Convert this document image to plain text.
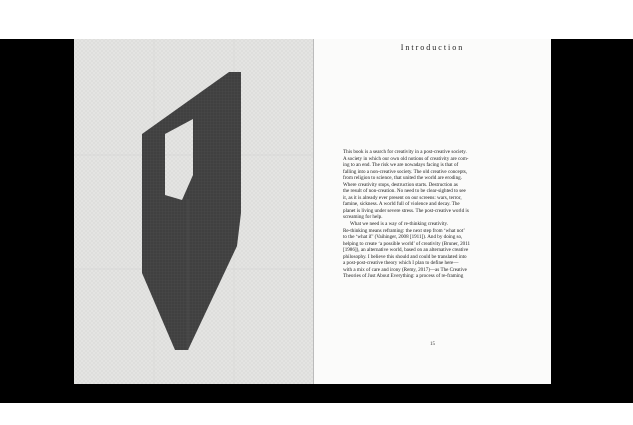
Introduction

This book is a search for creativity in a post-creative society.

A society in which our own old notions of creativity are com-

ing to an end. The risk we are nowadays facing is that of

falling into a non-creative society. The old creative concepts,

from religion to science, that united the world are eroding.

Where creativity stops, destruction starts. Destruction as

the result of non-creation. No need to be clear-sighted to see

it, as it is already ever present on our screens: wars, terror,

famine, sickness. A world full of violence and decay. The

planet is living under severe stress. The post-creative world is

screaming for help.

What we need is a way of re-thinking creativity.

Re-thinking means reframing: the next step from ‘what not’

to the ‘what if’ (Vaihinger, 2008 [1911]). And by doing so,

helping to create ‘a possible world’ of creativity (Bruner, 2011

[1986]), an alternative world, based on an alternative creative

philosophy. I believe this should and could be translated into

a post-post-creative theory which I plan to define here—

with a mix of care and irony (Remy, 2017)—as The Creative

Theories of Just About Everything: a process of re-framing

15
